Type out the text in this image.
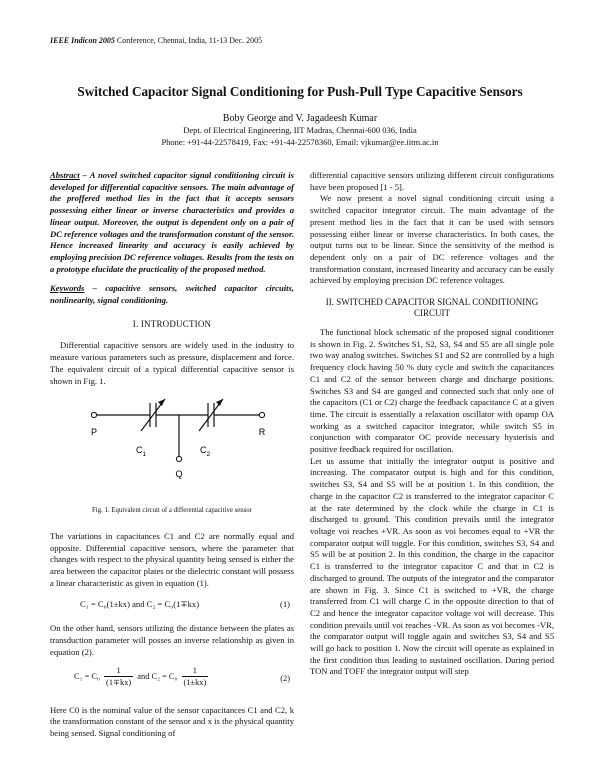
IEEE Indicon 2005 Conference, Chennai, India, 11-13 Dec. 2005
Switched Capacitor Signal Conditioning for Push-Pull Type Capacitive Sensors
Boby George and V. Jagadeesh Kumar
Dept. of Electrical Engineering, IIT Madras, Chennai-600 036, India
Phone: +91-44-22578419, Fax: +91-44-22578360, Email: vjkumar@ee.iitm.ac.in

Abstract – A novel switched capacitor signal conditioning circuit is developed for differential capacitive sensors. The main advantage of the proffered method lies in the fact that it accepts sensors possessing either linear or inverse characteristics and provides a linear output. Moreover, the output is dependent only on a pair of DC reference voltages and the transformation constant of the sensor. Hence increased linearity and accuracy is easily achieved by employing precision DC reference voltages. Results from the tests on a prototype elucidate the practicality of the proposed method.

Keywords – capacitive sensors, switched capacitor circuits, nonlinearity, signal conditioning.

I. INTRODUCTION

Differential capacitive sensors are widely used in the industry to measure various parameters such as pressure, displacement and force. The equivalent circuit of a typical differential capacitive sensor is shown in Fig. 1.

P	R
Q
$C_1$	$C_2$
Fig. 1. Equivalent circuit of a differential capacitive sensor

The variations in capacitances C1 and C2 are normally equal and opposite. Differential capacitive sensors, where the parameter that changes with respect to the physical quantity being sensed is either the area between the capacitor plates or the dielectric constant will possess a linear characteristic as given in equation (1).

C₁ = C₀(1±kx) and C₂ = C₀(1∓kx)	(1)

On the other hand, sensors utilizing the distance between the plates as transduction parameter will posses an inverse relationship as given in equation (2).

$C_1 = C_0 \frac{1}{(1\mp kx)}$ and $C_2 = C_0 \frac{1}{(1\pm kx)}$	(2)

Here C0 is the nominal value of the sensor capacitances C1 and C2, k the transformation constant of the sensor and x is the physical quantity being sensed. Signal conditioning of

differential capacitive sensors utilizing different circuit configurations have been proposed [1 - 5].

We now present a novel signal conditioning circuit using a switched capacitor integrator circuit. The main advantage of the present method lies in the fact that it can be used with sensors possessing either linear or inverse characteristics. In both cases, the output turns out to be linear. Since the sensitivity of the method is dependent only on a pair of DC reference voltages and the transformation constant, increased linearity and accuracy can be easily achieved by employing precision DC reference voltages.

II. SWITCHED CAPACITOR SIGNAL CONDITIONING
CIRCUIT

The functional block schematic of the proposed signal conditioner is shown in Fig. 2. Switches S1, S2, S3, S4 and S5 are all single pole two way analog switches. Switches S1 and S2 are controlled by a high frequency clock having 50 % duty cycle and switch the capacitances C1 and C2 of the sensor between charge and discharge positions. Switches S3 and S4 are ganged and connected such that only one of the capacitors (C1 or C2) charge the feedback capacitance C at a given time. The circuit is essentially a relaxation oscillator with opamp OA working as a switched capacitor integrator, while switch S5 in conjunction with comparator OC provide necessary hysterisis and positive feedback required for oscillation.

Let us assume that initially the integrator output is positive and increasing. The comparator output is high and for this condition, switches S3, S4 and S5 will be at position 1. In this condition, the charge in the capacitor C2 is transferred to the integrator capacitor C at the rate determined by the clock while the charge in C1 is discharged to ground. This condition prevails until the integrator voltage voi reaches +VR. As soon as voi becomes equal to +VR the comparator output will toggle. For this condition, switches S3, S4 and S5 will be at position 2. In this condition, the charge in the capacitor C1 is transferred to the integrator capacitor C and that in C2 is discharged to ground. The outputs of the integrator and the comparator are shown in Fig. 3. Since C1 is switched to +VR, the charge transferred from C1 will charge C in the opposite direction to that of C2 and hence the integrator capacitor voltage voi will decrease. This condition prevails until voi reaches -VR. As soon as voi becomes -VR, the comparator output will toggle again and switches S3, S4 and S5 will go back to position 1. Now the circuit will operate as explained in the first condition thus leading to sustained oscillation. During period TON and TOFF the integrator output will step
